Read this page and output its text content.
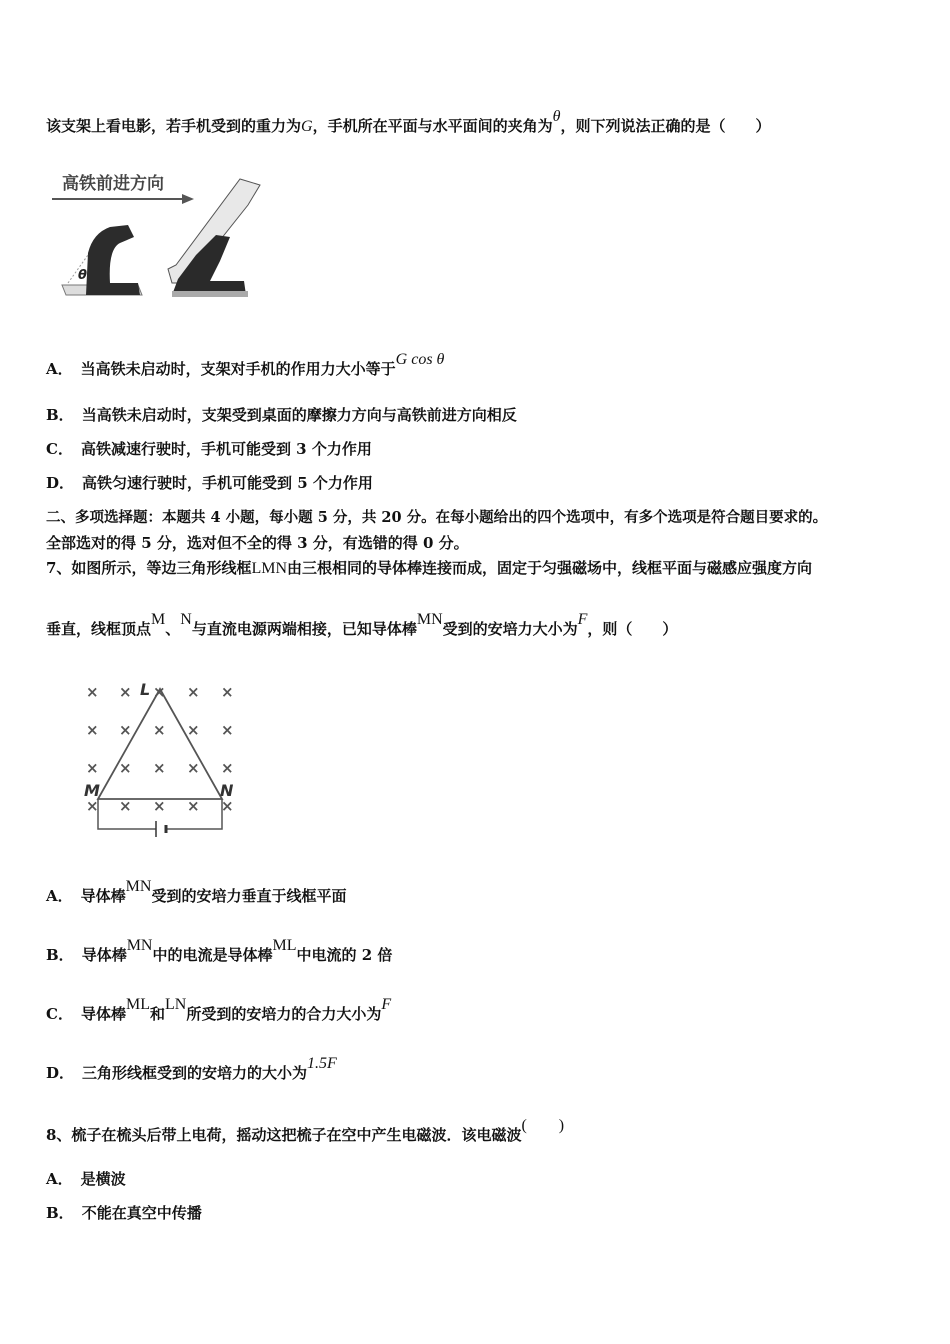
该支架上看电影，若手机受到的重力为G，手机所在平面与水平面间的夹角为θ，则下列说法正确的是（　　）
高铁前进方向
θ
A． 当高铁未启动时，支架对手机的作用力大小等于G cos θ
B． 当高铁未启动时，支架受到桌面的摩擦力方向与高铁前进方向相反
C． 高铁减速行驶时，手机可能受到 3 个力作用
D． 高铁匀速行驶时，手机可能受到 5 个力作用
二、多项选择题：本题共 4 小题，每小题 5 分，共 20 分。在每小题给出的四个选项中，有多个选项是符合题目要求的。
全部选对的得 5 分，选对但不全的得 3 分，有选错的得 0 分。
7、如图所示，等边三角形线框LMN由三根相同的导体棒连接而成，固定于匀强磁场中，线框平面与磁感应强度方向
垂直，线框顶点M、N与直流电源两端相接，已知导体棒MN受到的安培力大小为F，则（　　）
× × × × ×
× × × × ×
× × × × ×
× × × × ×
L
M	N
A． 导体棒MN受到的安培力垂直于线框平面
B． 导体棒MN中的电流是导体棒ML中电流的 2 倍
C． 导体棒ML和LN所受到的安培力的合力大小为F
D． 三角形线框受到的安培力的大小为1.5F
8、梳子在梳头后带上电荷，摇动这把梳子在空中产生电磁波．该电磁波(　　)
A． 是横波
B． 不能在真空中传播
